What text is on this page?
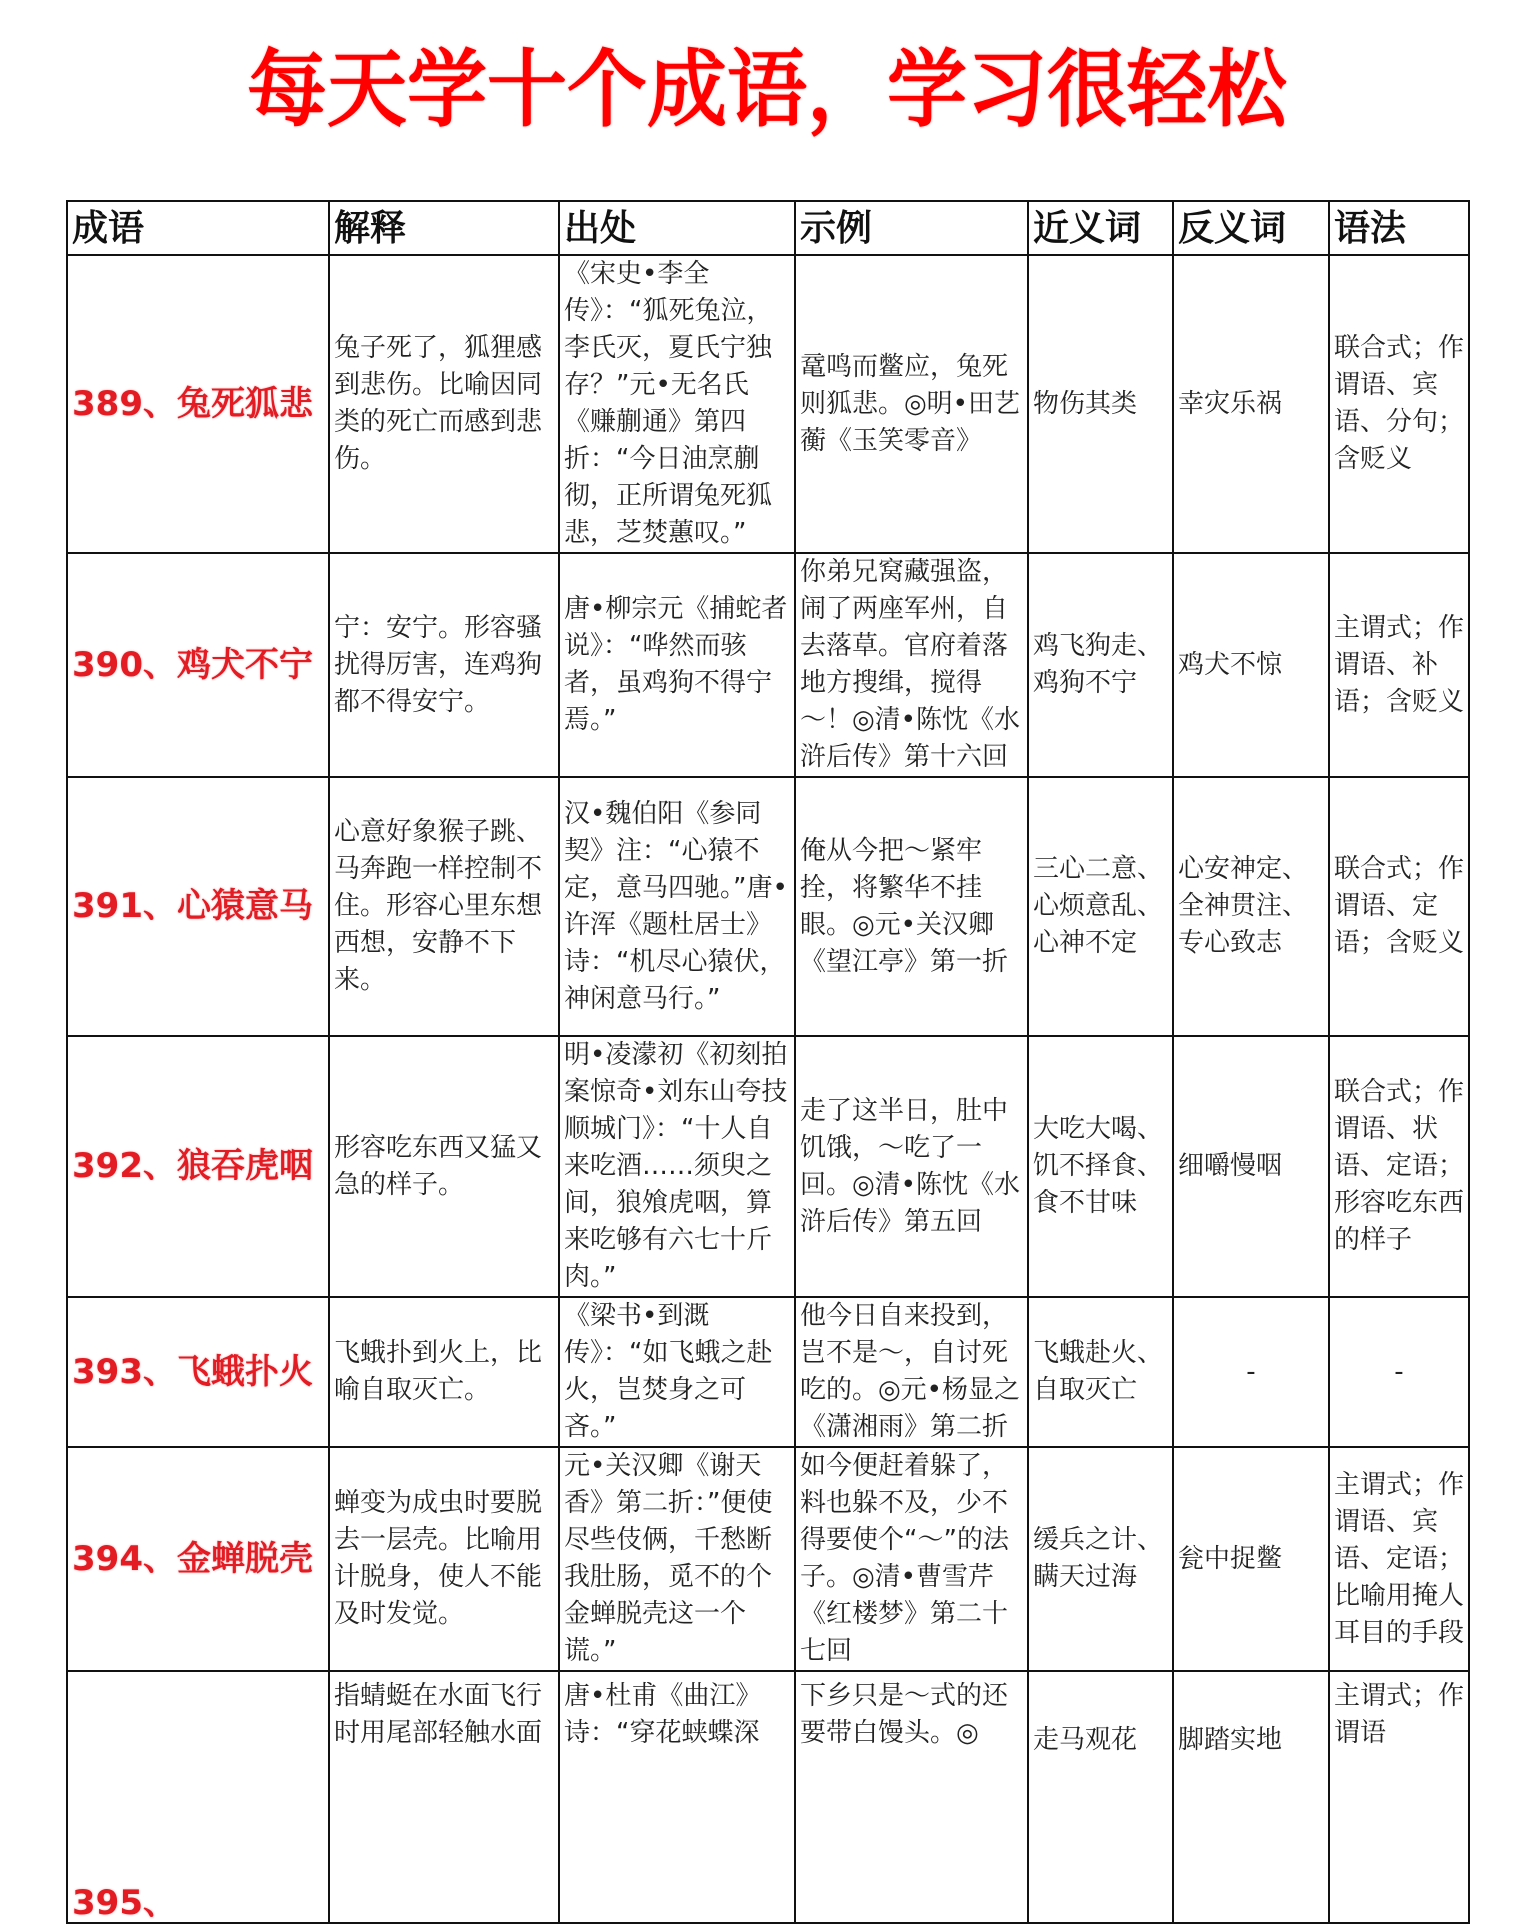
每天学十个成语，学习很轻松
成语	解释	出处	示例	近义词	反义词	语法
389、兔死狐悲	兔子死了，狐狸感到悲伤。比喻因同类的死亡而感到悲伤。	《宋史•李全传》：“狐死兔泣，李氏灭，夏氏宁独存？”元•无名氏《赚蒯通》第四折：“今日油烹蒯彻，正所谓兔死狐悲，芝焚蕙叹。”	鼋鸣而鳖应，兔死则狐悲。◎明•田艺蘅《玉笑零音》	物伤其类	幸灾乐祸	联合式；作谓语、宾语、分句；含贬义
390、鸡犬不宁	宁：安宁。形容骚扰得厉害，连鸡狗都不得安宁。	唐•柳宗元《捕蛇者说》：“哗然而骇者，虽鸡狗不得宁焉。”	你弟兄窝藏强盗，闹了两座军州，自去落草。官府着落地方搜缉，搅得～！◎清•陈忱《水浒后传》第十六回	鸡飞狗走、鸡狗不宁	鸡犬不惊	主谓式；作谓语、补语；含贬义
391、心猿意马	心意好象猴子跳、马奔跑一样控制不住。形容心里东想西想，安静不下来。	汉•魏伯阳《参同契》注：“心猿不定，意马四驰。”唐•许浑《题杜居士》诗：“机尽心猿伏，神闲意马行。”	俺从今把～紧牢拴，将繁华不挂眼。◎元•关汉卿《望江亭》第一折	三心二意、心烦意乱、心神不定	心安神定、全神贯注、专心致志	联合式；作谓语、定语；含贬义
392、狼吞虎咽	形容吃东西又猛又急的样子。	明•凌濛初《初刻拍案惊奇•刘东山夸技顺城门》：“十人自来吃酒……须臾之间，狼飧虎咽，算来吃够有六七十斤肉。”	走了这半日，肚中饥饿，～吃了一回。◎清•陈忱《水浒后传》第五回	大吃大喝、饥不择食、食不甘味	细嚼慢咽	联合式；作谓语、状语、定语；形容吃东西的样子
393、飞蛾扑火	飞蛾扑到火上，比喻自取灭亡。	《梁书•到溉传》：“如飞蛾之赴火，岂焚身之可吝。”	他今日自来投到，岂不是～，自讨死吃的。◎元•杨显之《潇湘雨》第二折	飞蛾赴火、自取灭亡	-	-
394、金蝉脱壳	蝉变为成虫时要脱去一层壳。比喻用计脱身，使人不能及时发觉。	元•关汉卿《谢天香》第二折：”便使尽些伎俩，千愁断我肚肠，觅不的个金蝉脱壳这一个谎。”	如今便赶着躲了，料也躲不及，少不得要使个“～”的法子。◎清•曹雪芹《红楼梦》第二十七回	缓兵之计、瞒天过海	瓮中捉鳖	主谓式；作谓语、宾语、定语；比喻用掩人耳目的手段
395、	指蜻蜓在水面飞行时用尾部轻触水面	唐•杜甫《曲江》诗：“穿花蛱蝶深	下乡只是～式的还要带白馒头。◎	走马观花	脚踏实地	主谓式；作谓语
